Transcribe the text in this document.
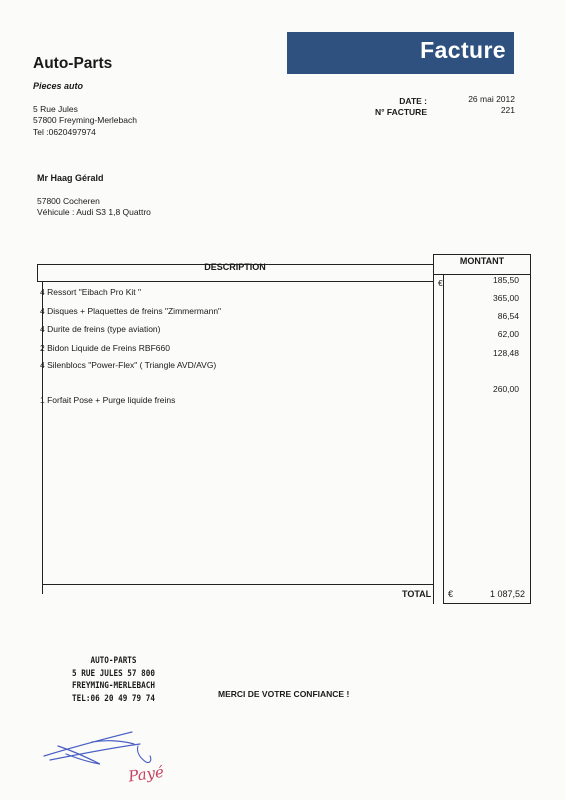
Auto-Parts
Pieces auto
5 Rue Jules
57800 Freyming-Merlebach
Tel :0620497974
Facture
DATE :
N° FACTURE
26 mai 2012
221
Mr Haag Gérald
57800 Cocheren
Véhicule : Audi S3 1,8 Quattro
DESCRIPTION
MONTANT
€
4 Ressort "Eibach Pro Kit "
4 Disques + Plaquettes de freins "Zimmermann"
4 Durite de freins (type aviation)
2 Bidon Liquide de Freins RBF660
4 Silenblocs "Power-Flex" ( Triangle AVD/AVG)
1 Forfait Pose + Purge liquide freins
185,50
365,00
86,54
62,00
128,48
260,00
TOTAL €	1 087,52
AUTO-PARTS
5 RUE JULES 57 800
FREYMING-MERLEBACH
TEL:06 20 49 79 74	MERCI DE VOTRE CONFIANCE !
Payé
